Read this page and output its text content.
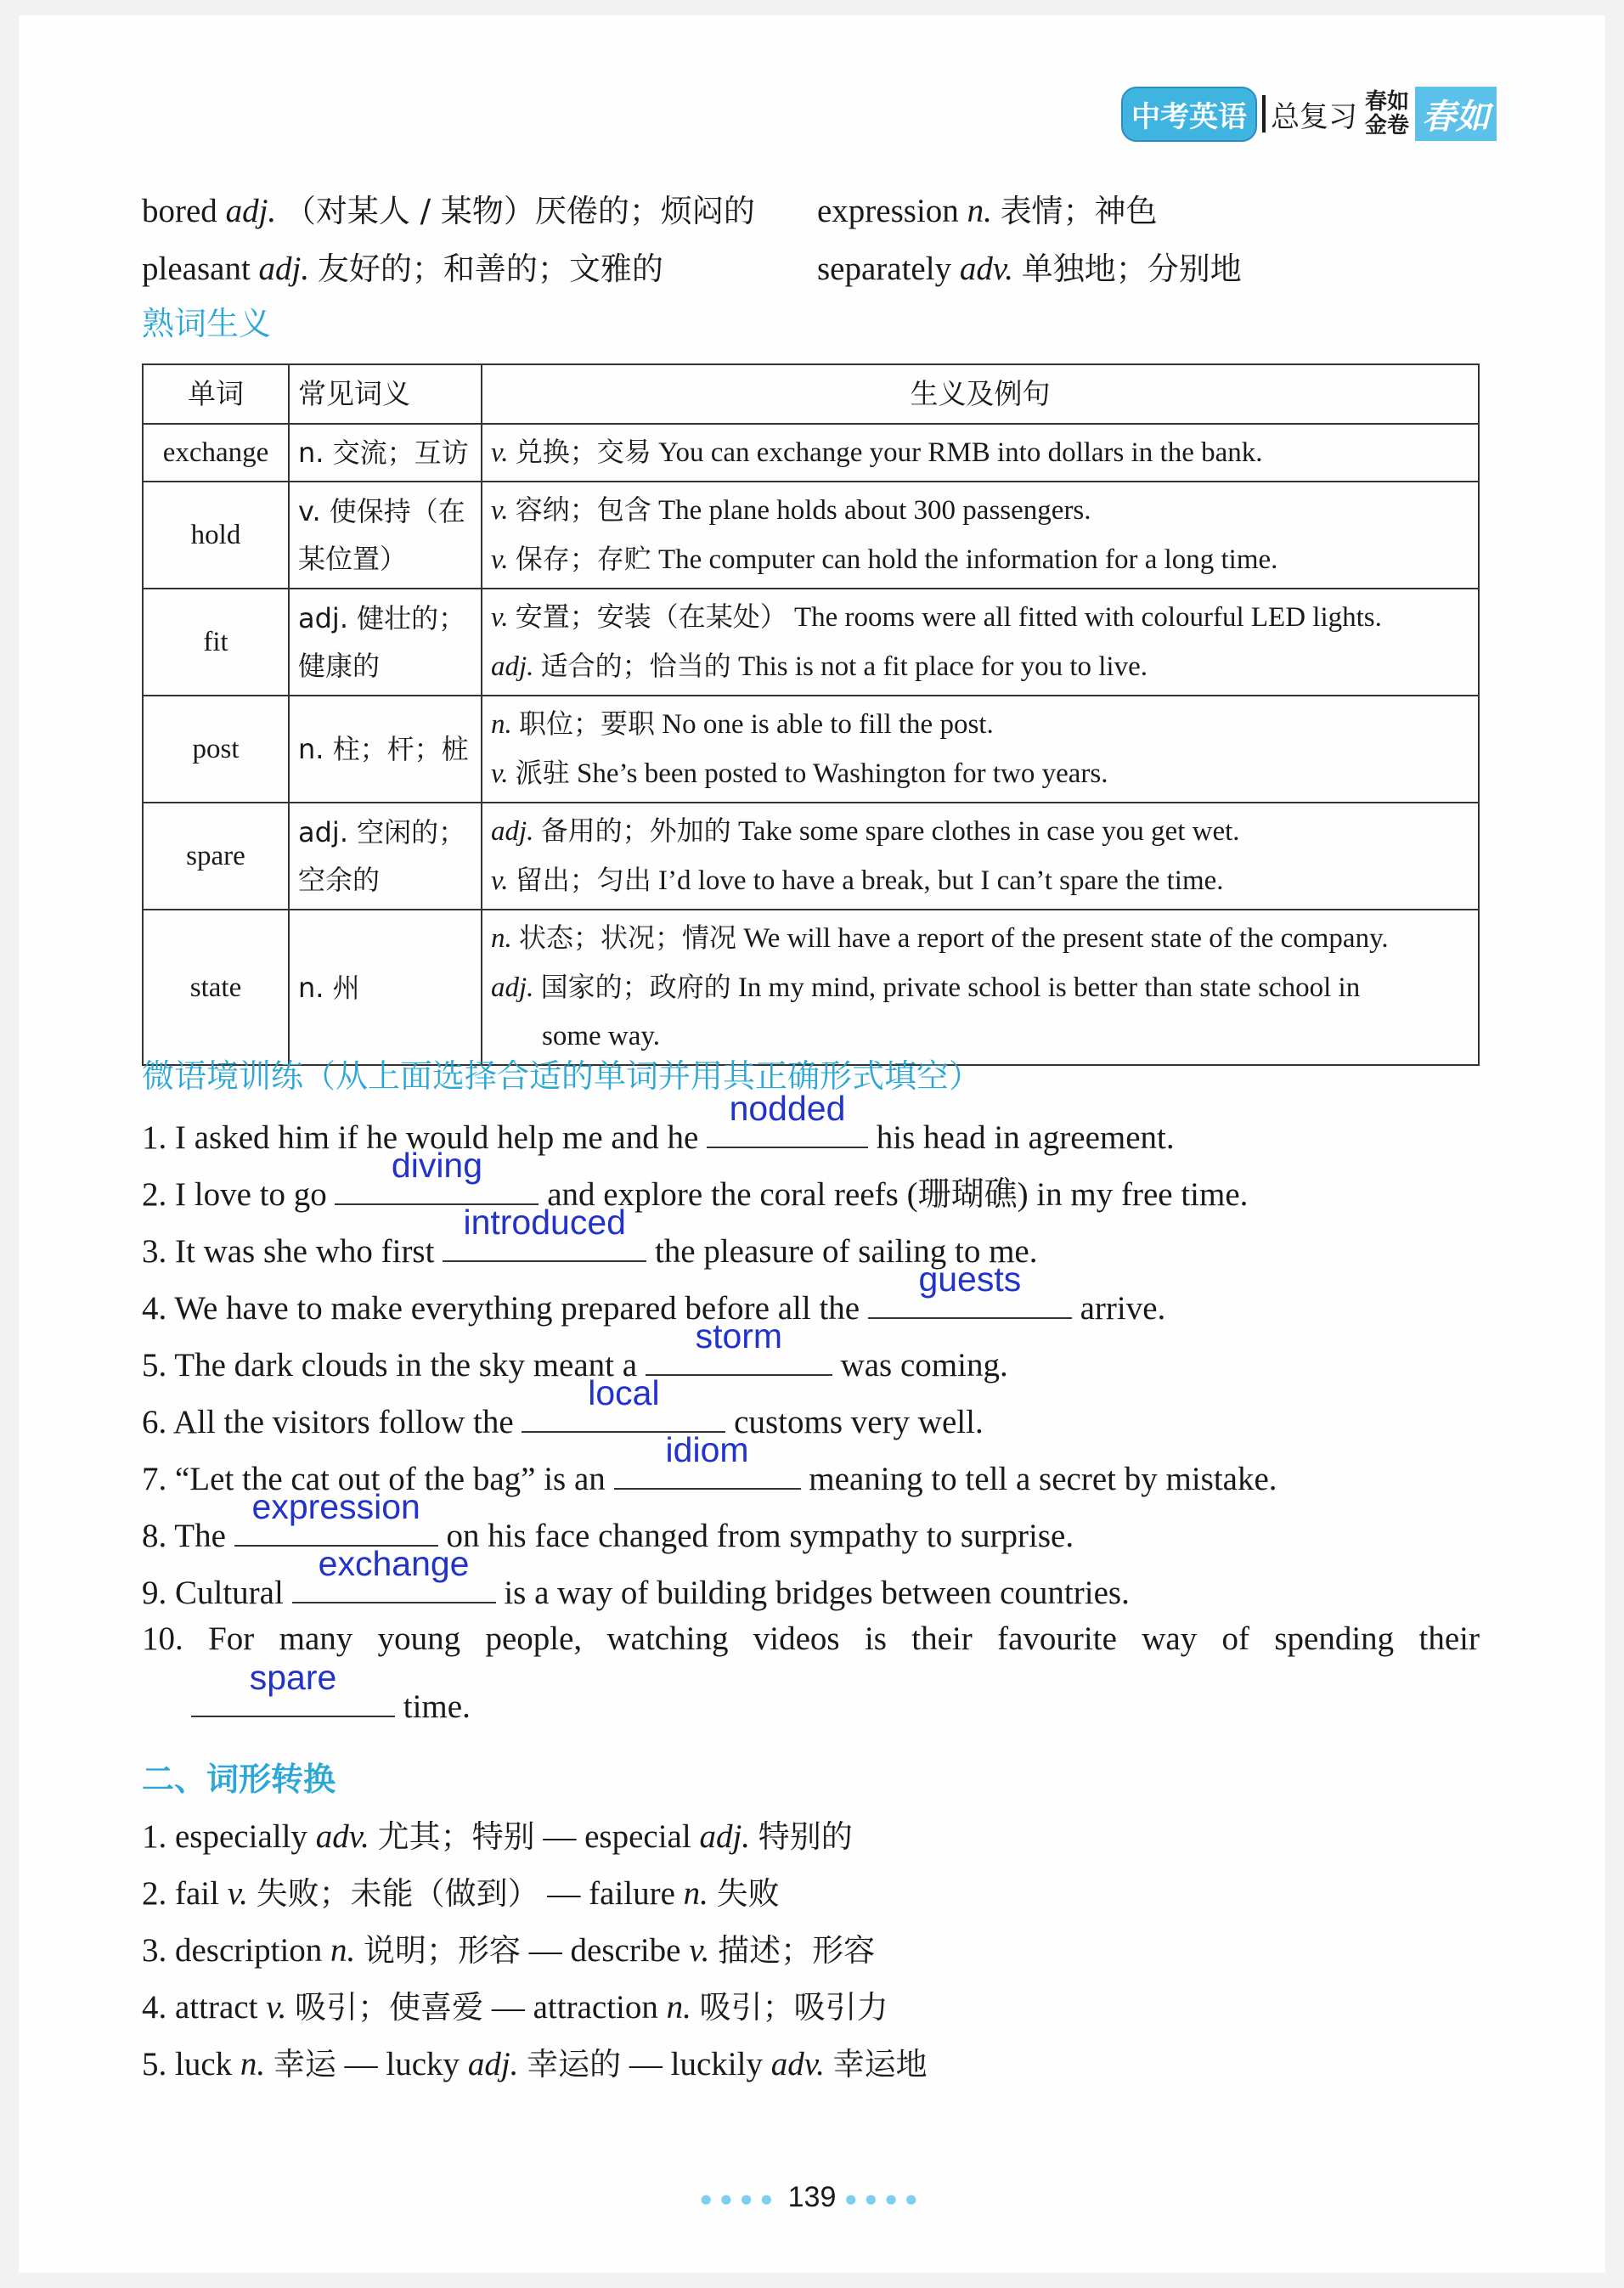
中考英语 总复习 春如金卷 春如
bored adj. （对某人 / 某物）厌倦的；烦闷的 expression n. 表情；神色
pleasant adj. 友好的；和善的；文雅的	separately adv. 单独地；分别地
熟词生义
单词	常见词义	生义及例句
exchange	n. 交流；互访	v. 兑换；交易 You can exchange your RMB into dollars in the bank.

hold	v. 使保持（在某位置）	v. 容纳；包含 The plane holds about 300 passengers.
v. 保存；存贮 The computer can hold the information for a long time.

fit	adj. 健壮的；健康的	v. 安置；安装（在某处） The rooms were all fitted with colourful LED lights.
adj. 适合的；恰当的 This is not a fit place for you to live.

post	n. 柱；杆；桩	n. 职位；要职 No one is able to fill the post.
v. 派驻 She’s been posted to Washington for two years.

spare	adj. 空闲的；空余的	adj. 备用的；外加的 Take some spare clothes in case you get wet.
v. 留出；匀出 I’d love to have a break, but I can’t spare the time.

state	n. 州	n. 状态；状况；情况 We will have a report of the present state of the company.
adj. 国家的；政府的 In my mind, private school is better than state school in
some way.
微语境训练（从上面选择合适的单词并用其正确形式填空）
1. I asked him if he would help me and he
nodded
his head in agreement.
2. I love to go
diving
and explore the coral reefs (珊瑚礁) in my free time.
3. It was she who first
introduced
the pleasure of sailing to me.
4. We have to make everything prepared before all the
guests
arrive.
5. The dark clouds in the sky meant a
storm
was coming.
6. All the visitors follow the
local
customs very well.
7. “Let the cat out of the bag” is an
idiom
meaning to tell a secret by mistake.
8. The
expression
on his face changed from sympathy to surprise.
9. Cultural
exchange
is a way of building bridges between countries.
10. For many young people, watching videos is their favourite way of spending their
spare
time.
二、词形转换
1. especially adv. 尤其；特别 — especial adj. 特别的
2. fail v. 失败；未能（做到） — failure n. 失败
3. description n. 说明；形容 — describe v. 描述；形容
4. attract v. 吸引；使喜爱 — attraction n. 吸引；吸引力
5. luck n. 幸运 — lucky adj. 幸运的 — luckily adv. 幸运地
●●●● 139 ●●●●
